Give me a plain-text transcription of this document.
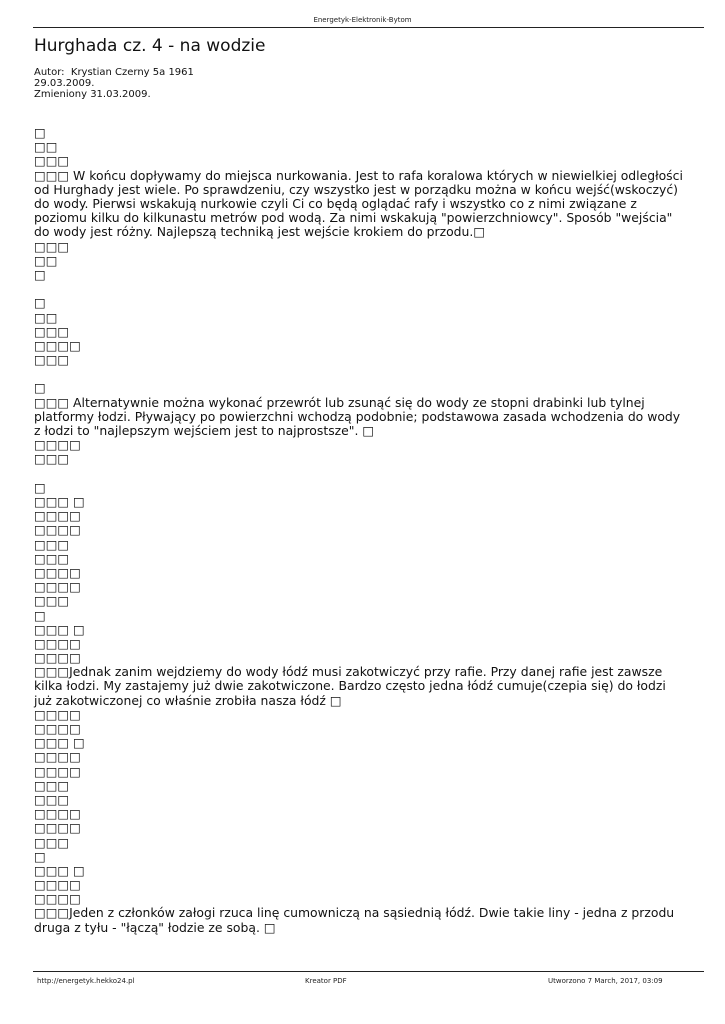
Energetyk-Elektronik-Bytom
Hurghada cz. 4 - na wodzie
Autor:  Krystian Czerny 5a 1961
29.03.2009.
Zmieniony 31.03.2009.
□
□□
□□□
□□□ W końcu dopływamy do miejsca nurkowania. Jest to rafa koralowa których w niewielkiej odległości od Hurghady jest wiele. Po sprawdzeniu, czy wszystko jest w porządku można w końcu wejść(wskoczyć) do wody. Pierwsi wskakują nurkowie czyli Ci co będą oglądać rafy i wszystko co z nimi związane z poziomu kilku do kilkunastu metrów pod wodą. Za nimi wskakują "powierzchniowcy". Sposób "wejścia" do wody jest różny. Najlepszą techniką jest wejście krokiem do przodu.□
□□□
□□
□
□
□□
□□□
□□□□
□□□
□
□□□ Alternatywnie można wykonać przewrót lub zsunąć się do wody ze stopni drabinki lub tylnej platformy łodzi. Pływający po powierzchni wchodzą podobnie; podstawowa zasada wchodzenia do wody z łodzi to "najlepszym wejściem jest to najprostsze". □
□□□□
□□□
□
□□□ □
□□□□
□□□□
□□□
□□□
□□□□
□□□□
□□□
□
□□□ □
□□□□
□□□□
□□□Jednak zanim wejdziemy do wody łódź musi zakotwiczyć przy rafie. Przy danej rafie jest zawsze kilka łodzi. My zastajemy już dwie zakotwiczone. Bardzo często jedna łódź cumuje(czepia się) do łodzi już zakotwiczonej co właśnie zrobiła nasza łódź □
□□□□
□□□□
□□□ □
□□□□
□□□□
□□□
□□□
□□□□
□□□□
□□□
□
□□□ □
□□□□
□□□□
□□□Jeden z członków załogi rzuca linę cumowniczą na sąsiednią łódź. Dwie takie liny - jedna z przodu druga z tyłu - "łączą" łodzie ze sobą. □
http://energetyk.hekko24.pl	Kreator PDF	Utworzono 7 March, 2017, 03:09
